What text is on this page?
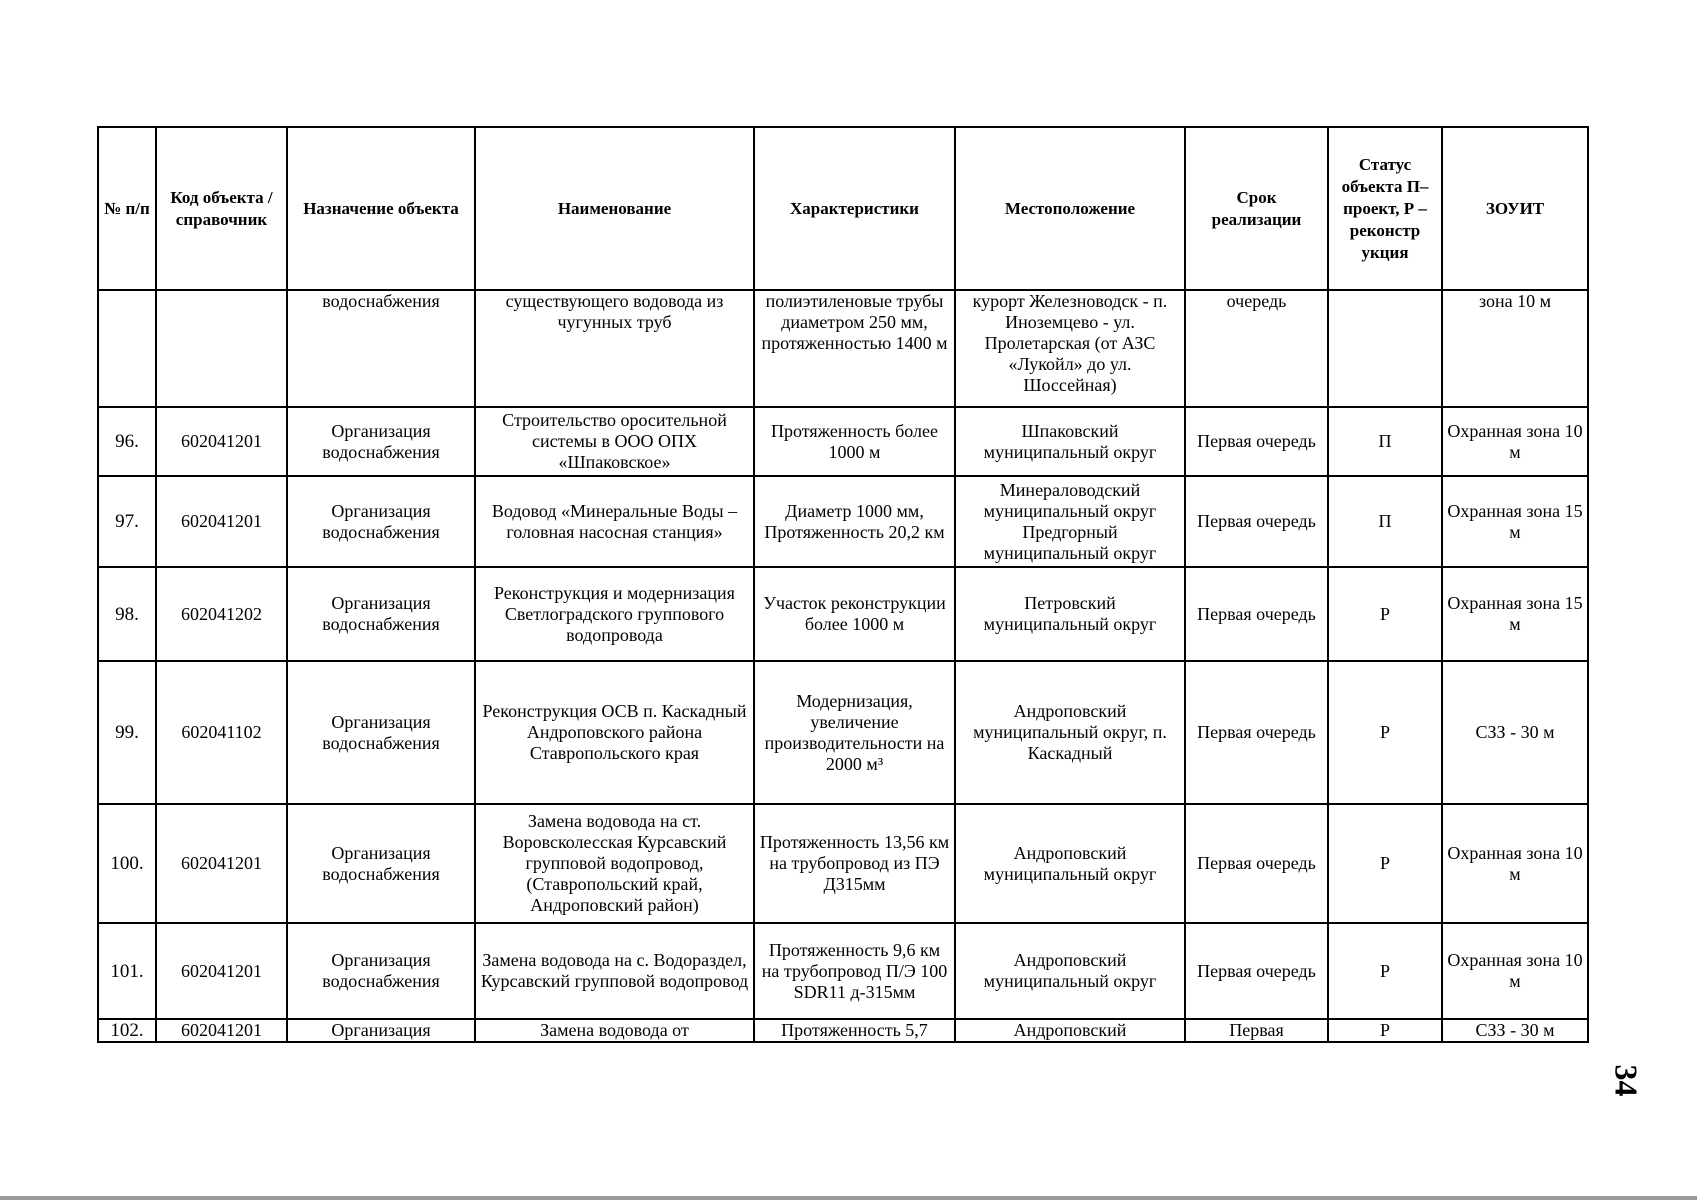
№ п/п	Код объекта / справочник	Назначение объекта	Наименование	Характеристики	Местоположение	Срок реализации	Статус объекта П– проект, Р – реконстр укция	ЗОУИТ
		водоснабжения	существующего водовода из чугунных труб	полиэтиленовые трубы диаметром 250 мм, протяженностью 1400 м	курорт Железноводск - п. Иноземцево - ул. Пролетарская (от АЗС «Лукойл» до ул. Шоссейная)	очередь		зона 10 м
96.	602041201	Организация водоснабжения	Строительство оросительной системы в ООО ОПХ «Шпаковское»	Протяженность более 1000 м	Шпаковский муниципальный округ	Первая очередь	П	Охранная зона 10 м
97.	602041201	Организация водоснабжения	Водовод «Минеральные Воды – головная насосная станция»	Диаметр 1000 мм, Протяженность 20,2 км	Минераловодский муниципальный округ Предгорный муниципальный округ	Первая очередь	П	Охранная зона 15 м
98.	602041202	Организация водоснабжения	Реконструкция и модернизация Светлоградского группового водопровода	Участок реконструкции более 1000 м	Петровский муниципальный округ	Первая очередь	Р	Охранная зона 15 м
99.	602041102	Организация водоснабжения	Реконструкция ОСВ п. Каскадный Андроповского района Ставропольского края	Модернизация, увеличение производительности на 2000 м³	Андроповский муниципальный округ, п. Каскадный	Первая очередь	Р	СЗЗ - 30 м
100.	602041201	Организация водоснабжения	Замена водовода на ст. Воровсколесская Курсавский групповой водопровод, (Ставропольский край, Андроповский район)	Протяженность 13,56 км на трубопровод из ПЭ Д315мм	Андроповский муниципальный округ	Первая очередь	Р	Охранная зона 10 м
101.	602041201	Организация водоснабжения	Замена водовода на с. Водораздел, Курсавский групповой водопровод	Протяженность 9,6 км на трубопровод П/Э 100 SDR11 д-315мм	Андроповский муниципальный округ	Первая очередь	Р	Охранная зона 10 м
102.	602041201	Организация	Замена водовода от	Протяженность 5,7	Андроповский	Первая	Р	СЗЗ - 30 м
34
